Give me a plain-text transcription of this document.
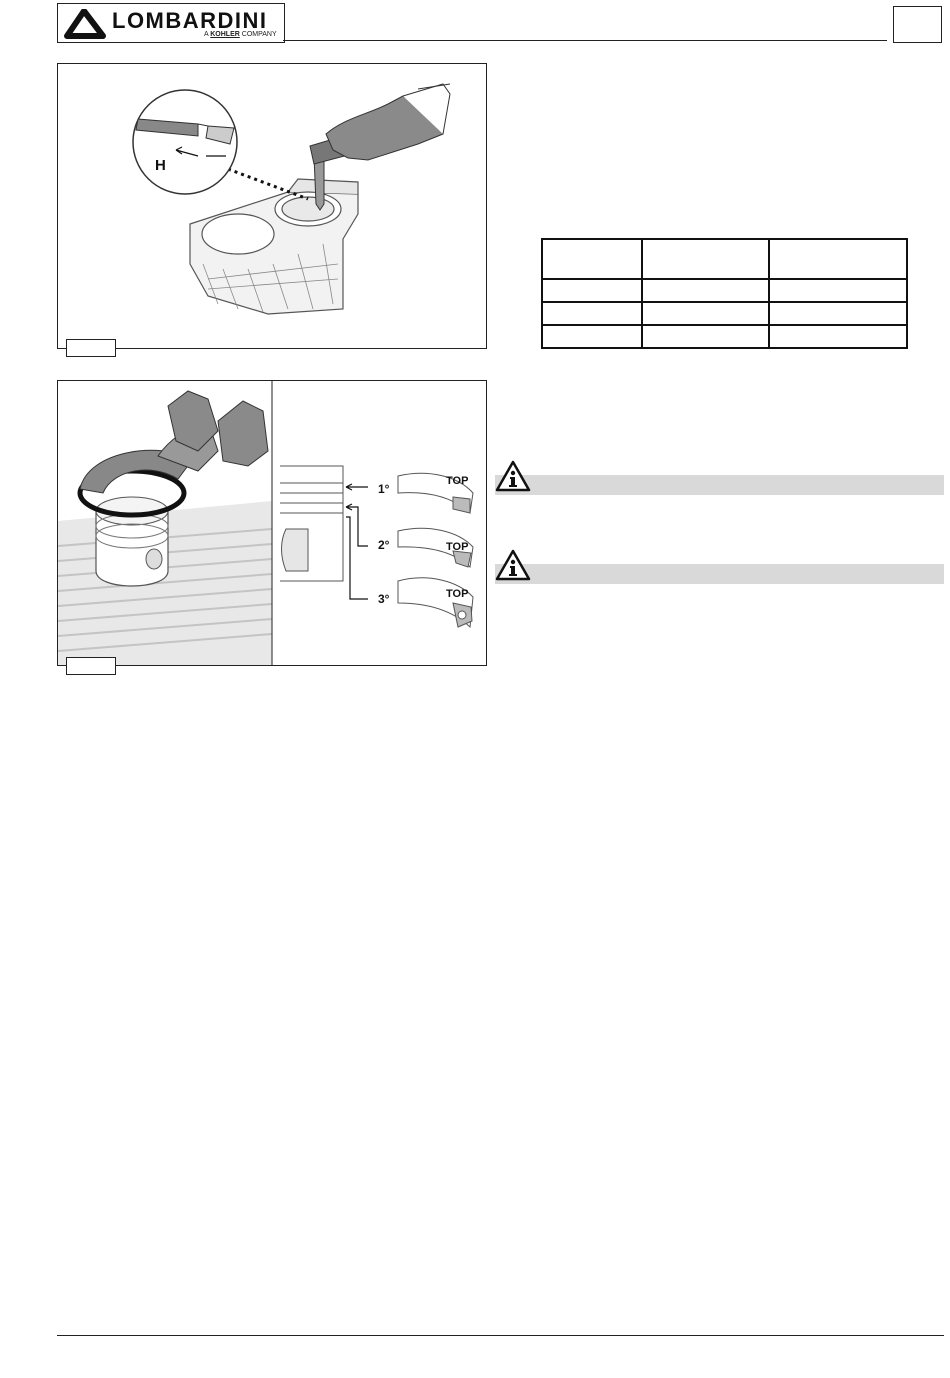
LOMBARDINI
A KOHLER COMPANY
H

1°
2°
3°
TOP
TOP
TOP
